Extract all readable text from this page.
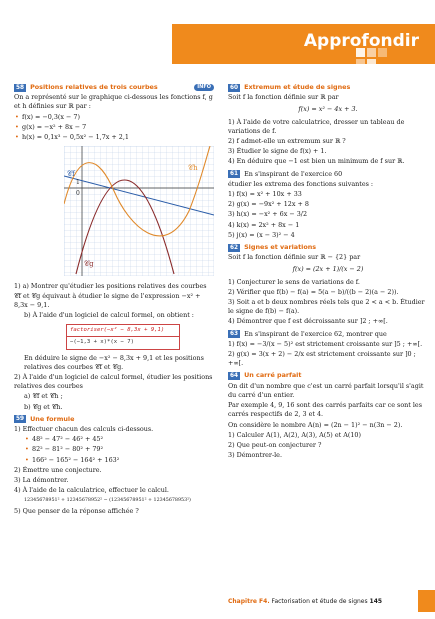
Approfondir
58 Positions relatives de trois courbes	INFO
On a représenté sur le graphique ci-dessous les fonctions f, g et h définies sur ℝ par :
• f(x) = −0,3(x − 7)
• g(x) = −x² + 8x − 7
• h(x) = 0,1x³ − 0,5x² − 1,7x + 2,1
𝒞f
𝒞h
𝒞g
1
0
1) a) Montrer qu'étudier les positions relatives des courbes 𝒞f et 𝒞g équivaut à étudier le signe de l'expression −x² + 8,3x − 9,1.
b) À l'aide d'un logiciel de calcul formel, on obtient :
factoriser(−x² − 8,3x + 9,1)
−(−1,3 + x)*(x − 7)
En déduire le signe de −x² − 8,3x + 9,1 et les positions relatives des courbes 𝒞f et 𝒞g.
2) À l'aide d'un logiciel de calcul formel, étudier les positions relatives des courbes
a) 𝒞f et 𝒞h ;
b) 𝒞g et 𝒞h.
59 Une formule
1) Effectuer chacun des calculs ci-dessous.
• 48² − 47² − 46² + 45²
• 82² − 81² − 80² + 79²
• 166² − 165² − 164² + 163²
2) Émettre une conjecture.
3) La démontrer.
4) À l'aide de la calculatrice, effectuer le calcul.
12345678951² + 12345678952² − (12345678951² + 12345678953²)
5) Que penser de la réponse affichée ?
60 Extremum et étude de signes
Soit f la fonction définie sur ℝ par
f(x) = x² − 4x + 3.
1) À l'aide de votre calculatrice, dresser un tableau de variations de f.
2) f admet-elle un extremum sur ℝ ?
3) Étudier le signe de f(x) + 1.
4) En déduire que −1 est bien un minimum de f sur ℝ.
61 En s'inspirant de l'exercice 60
étudier les extrema des fonctions suivantes :
1) f(x) = x² + 10x + 33
2) g(x) = −9x² + 12x + 8
3) h(x) = −x² + 6x − 3/2
4) k(x) = 2x² + 8x − 1
5) j(x) = (x − 3)² − 4
62 Signes et variations
Soit f la fonction définie sur ℝ − {2} par
f(x) = (2x + 1)/(x − 2)
1) Conjecturer le sens de variations de f.
2) Vérifier que f(b) − f(a) = 5(a − b)/((b − 2)(a − 2)).
3) Soit a et b deux nombres réels tels que 2 < a < b. Étudier le signe de f(b) − f(a).
4) Démontrer que f est décroissante sur ]2 ; +∞[.
63 En s'inspirant de l'exercice 62, montrer que
1) f(x) = −3/(x − 5)² est strictement croissante sur ]5 ; +∞[.
2) g(x) = 3(x + 2) − 2/x est strictement croissante sur ]0 ; +∞[.
64 Un carré parfait
On dit d'un nombre que c'est un carré parfait lorsqu'il s'agit du carré d'un entier.
Par exemple 4, 9, 16 sont des carrés parfaits car ce sont les carrés respectifs de 2, 3 et 4.
On considère le nombre A(n) = (2n − 1)² − n(3n − 2).
1) Calculer A(1), A(2), A(3), A(5) et A(10)
2) Que peut-on conjecturer ?
3) Démontrer-le.
Chapitre F4. Factorisation et étude de signes 145
